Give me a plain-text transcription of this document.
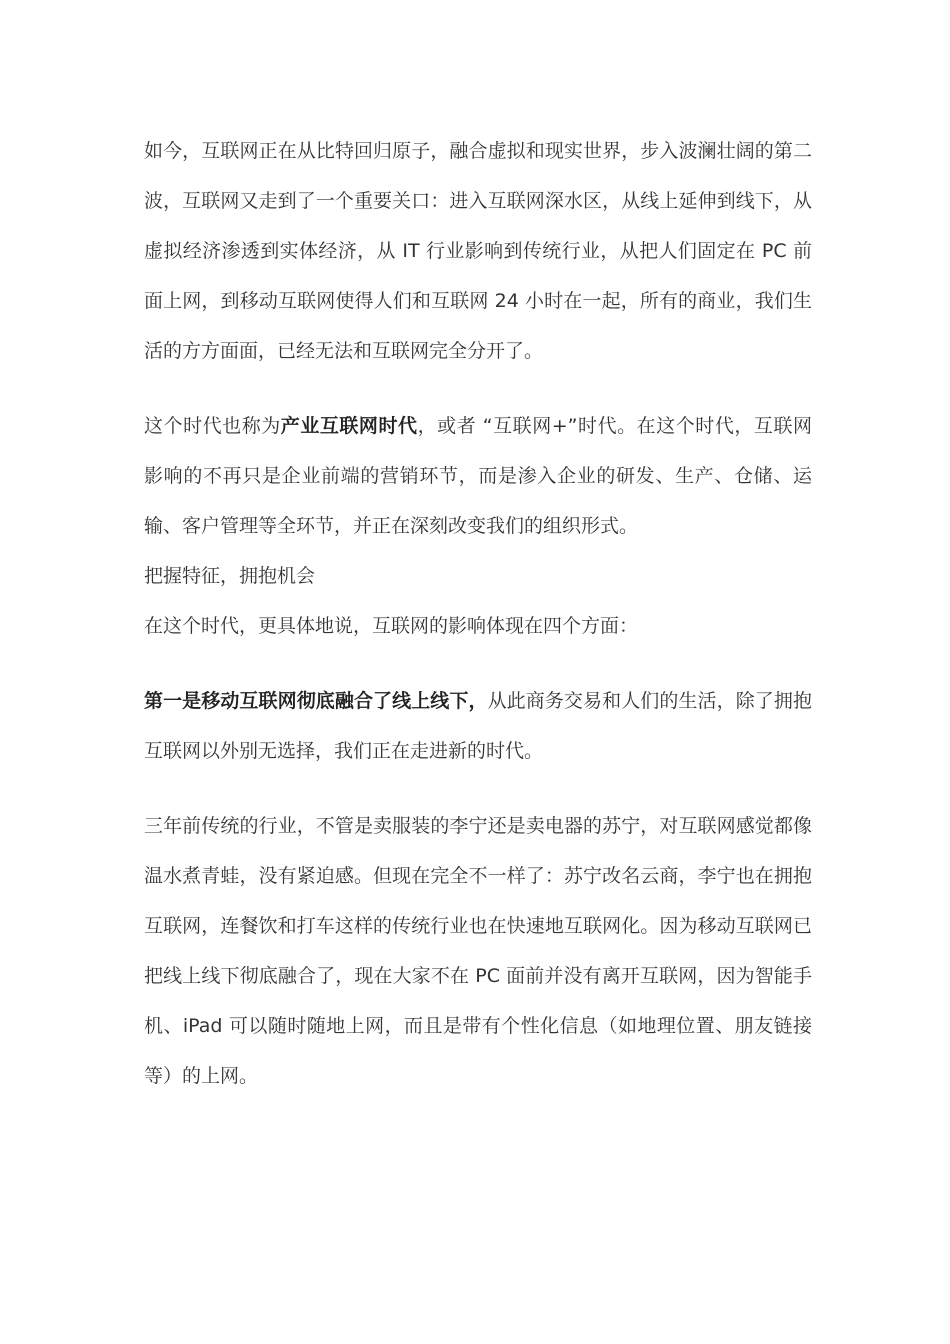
如今，互联网正在从比特回归原子，融合虚拟和现实世界，步入波澜壮阔的第二波，互联网又走到了一个重要关口：进入互联网深水区，从线上延伸到线下，从虚拟经济渗透到实体经济，从 IT 行业影响到传统行业，从把人们固定在 PC 前面上网，到移动互联网使得人们和互联网 24 小时在一起，所有的商业，我们生活的方方面面，已经无法和互联网完全分开了。

这个时代也称为产业互联网时代，或者 “互联网+”时代。在这个时代，互联网影响的不再只是企业前端的营销环节，而是渗入企业的研发、生产、仓储、运输、客户管理等全环节，并正在深刻改变我们的组织形式。

把握特征，拥抱机会

在这个时代，更具体地说，互联网的影响体现在四个方面：

第一是移动互联网彻底融合了线上线下，从此商务交易和人们的生活，除了拥抱互联网以外别无选择，我们正在走进新的时代。

三年前传统的行业，不管是卖服装的李宁还是卖电器的苏宁，对互联网感觉都像温水煮青蛙，没有紧迫感。但现在完全不一样了：苏宁改名云商，李宁也在拥抱互联网，连餐饮和打车这样的传统行业也在快速地互联网化。因为移动互联网已把线上线下彻底融合了，现在大家不在 PC 面前并没有离开互联网，因为智能手机、iPad 可以随时随地上网，而且是带有个性化信息（如地理位置、朋友链接等）的上网。
